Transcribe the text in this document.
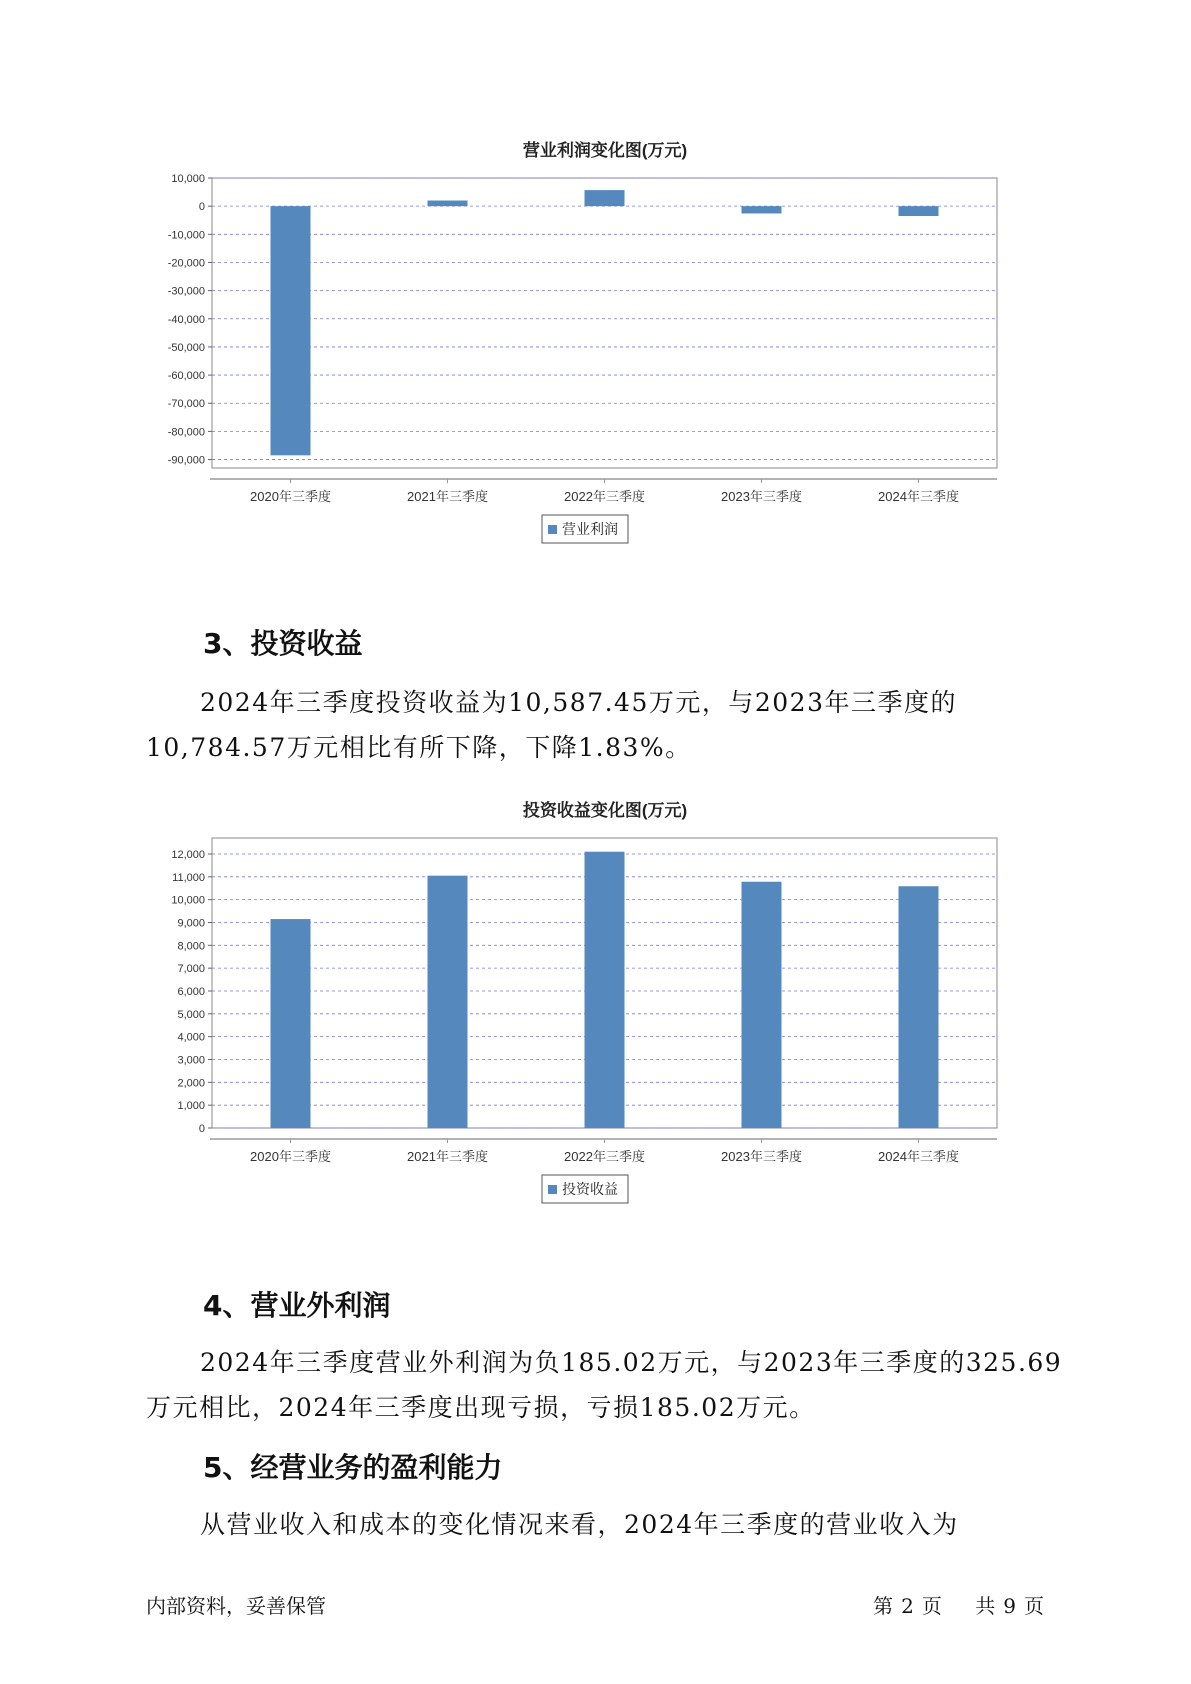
营业利润变化图(万元)
10,000
0
-10,000
-20,000
-30,000
-40,000
-50,000
-60,000
-70,000
-80,000
-90,000
2020年三季度	2021年三季度	2022年三季度	2023年三季度	2024年三季度
营业利润
3、投资收益

2024年三季度投资收益为10,587.45万元，与2023年三季度的10,784.57万元相比有所下降，下降1.83%。

投资收益变化图(万元)
0
1,000
2,000
3,000
4,000
5,000
6,000
7,000
8,000
9,000
10,000
11,000
12,000
2020年三季度	2021年三季度	2022年三季度	2023年三季度	2024年三季度
投资收益
4、营业外利润

2024年三季度营业外利润为负185.02万元，与2023年三季度的325.69万元相比，2024年三季度出现亏损，亏损185.02万元。

5、经营业务的盈利能力

从营业收入和成本的变化情况来看，2024年三季度的营业收入为

内部资料，妥善保管	第 2 页 共 9 页
